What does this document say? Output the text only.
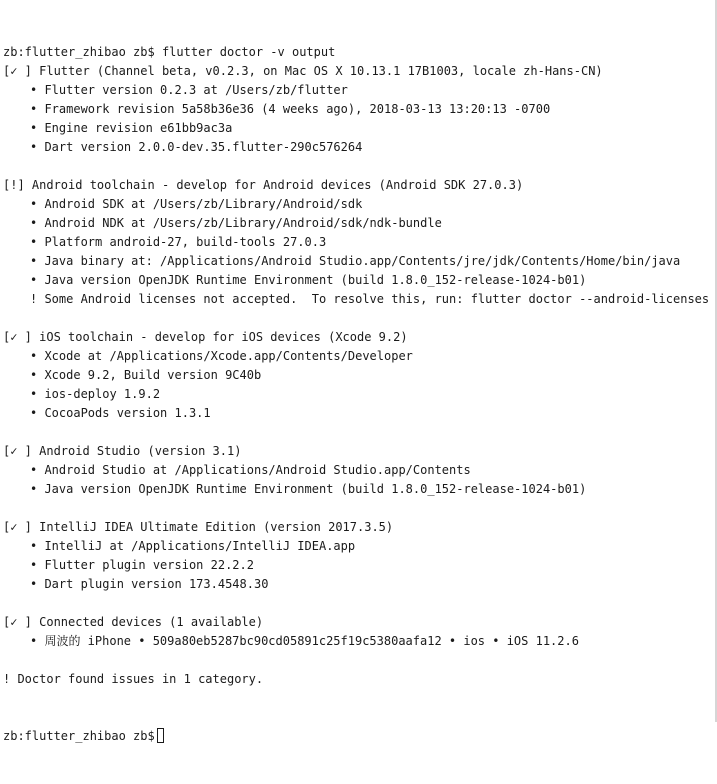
zb:flutter_zhibao zb$ flutter doctor -v output
[✓ ] Flutter (Channel beta, v0.2.3, on Mac OS X 10.13.1 17B1003, locale zh-Hans-CN)
• Flutter version 0.2.3 at /Users/zb/flutter
• Framework revision 5a58b36e36 (4 weeks ago), 2018-03-13 13:20:13 -0700
• Engine revision e61bb9ac3a
• Dart version 2.0.0-dev.35.flutter-290c576264
[!] Android toolchain - develop for Android devices (Android SDK 27.0.3)
• Android SDK at /Users/zb/Library/Android/sdk
• Android NDK at /Users/zb/Library/Android/sdk/ndk-bundle
• Platform android-27, build-tools 27.0.3
• Java binary at: /Applications/Android Studio.app/Contents/jre/jdk/Contents/Home/bin/java
• Java version OpenJDK Runtime Environment (build 1.8.0_152-release-1024-b01)
! Some Android licenses not accepted.  To resolve this, run: flutter doctor --android-licenses
[✓ ] iOS toolchain - develop for iOS devices (Xcode 9.2)
• Xcode at /Applications/Xcode.app/Contents/Developer
• Xcode 9.2, Build version 9C40b
• ios-deploy 1.9.2
• CocoaPods version 1.3.1
[✓ ] Android Studio (version 3.1)
• Android Studio at /Applications/Android Studio.app/Contents
• Java version OpenJDK Runtime Environment (build 1.8.0_152-release-1024-b01)
[✓ ] IntelliJ IDEA Ultimate Edition (version 2017.3.5)
• IntelliJ at /Applications/IntelliJ IDEA.app
• Flutter plugin version 22.2.2
• Dart plugin version 173.4548.30
[✓ ] Connected devices (1 available)
• 周波的 iPhone • 509a80eb5287bc90cd05891c25f19c5380aafa12 • ios • iOS 11.2.6
! Doctor found issues in 1 category.

zb:flutter_zhibao zb$
